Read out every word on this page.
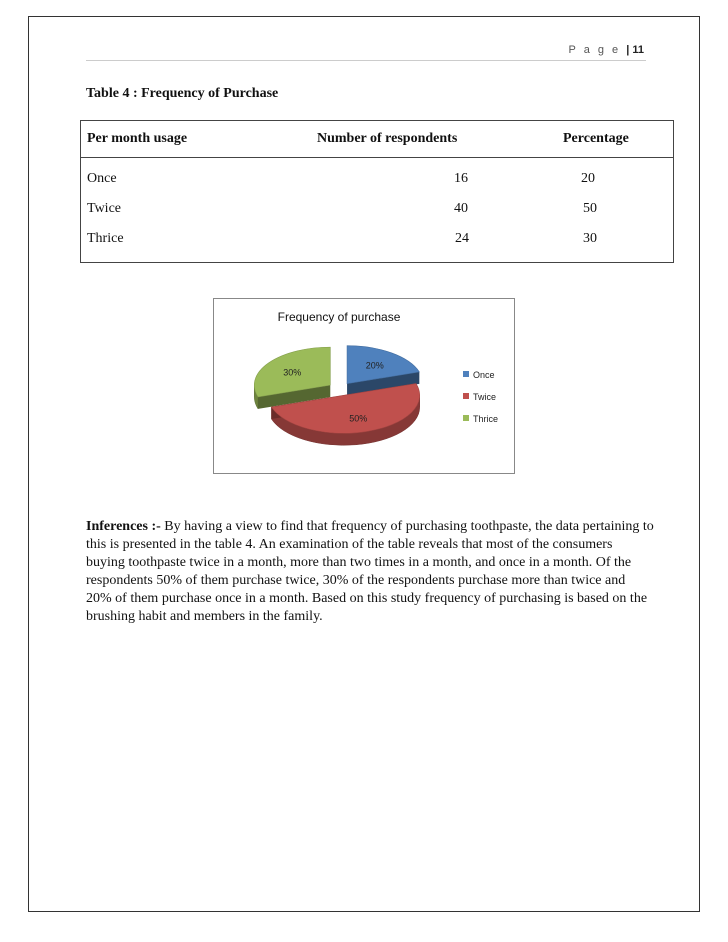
P a g e | 11
Table 4 : Frequency of Purchase
Per month usage	Number of respondents	Percentage
Once	16	20
Twice	40	50
Thrice	24	30
Frequency of purchase
20%
50%
30%	Once
Twice
Thrice
Inferences :- By having a view to find that frequency of purchasing toothpaste, the data pertaining to this is presented in the table 4. An examination of the table reveals that most of the consumers buying toothpaste twice in a month, more than two times in a month, and once in a month. Of the respondents 50% of them purchase twice, 30% of the respondents purchase more than twice and 20% of them purchase once in a month. Based on this study frequency of purchasing is based on the brushing habit and members in the family.
